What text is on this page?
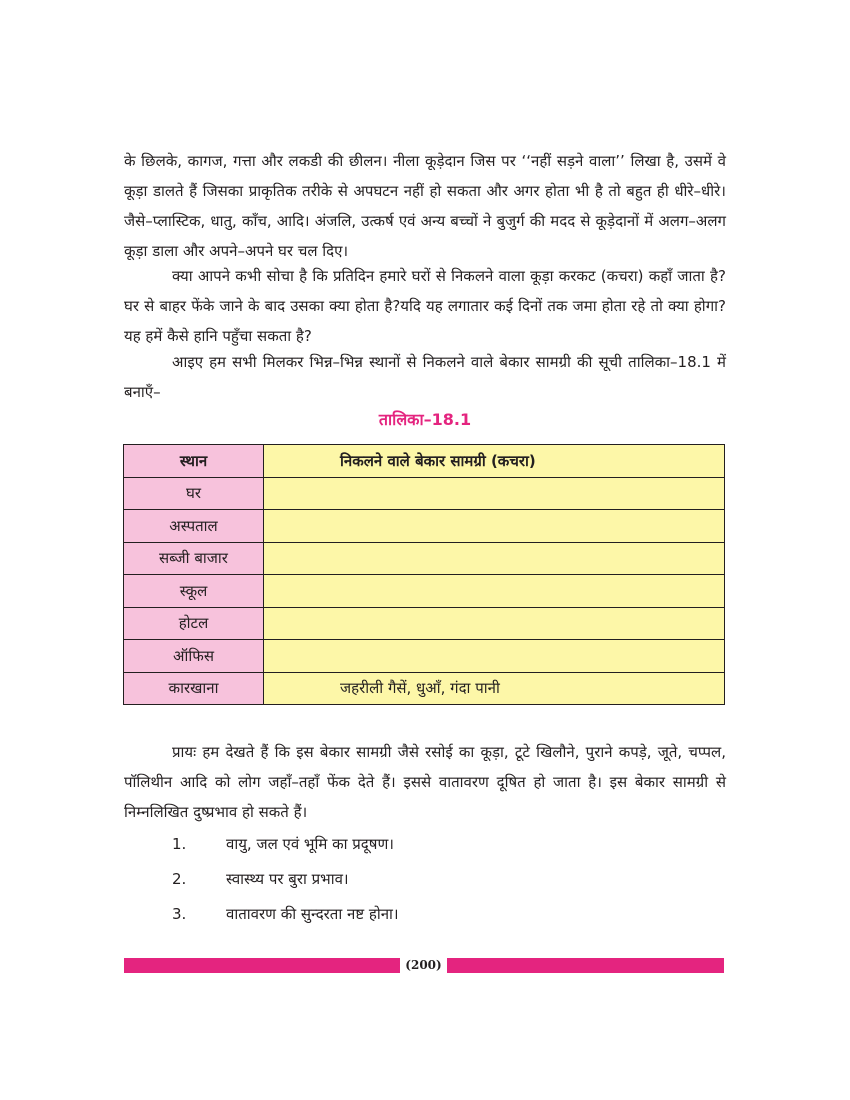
के छिलके, कागज, गत्ता और लकडी की छीलन। नीला कूड़ेदान जिस पर ‘‘नहीं सड़ने वाला’’ लिखा है, उसमें वे कूड़ा डालते हैं जिसका प्राकृतिक तरीके से अपघटन नहीं हो सकता और अगर होता भी है तो बहुत ही धीरे–धीरे। जैसे–प्लास्टिक, धातु, काँच, आदि। अंजलि, उत्कर्ष एवं अन्य बच्चों ने बुजुर्ग की मदद से कूड़ेदानों में अलग–अलग कूड़ा डाला और अपने–अपने घर चल दिए।

क्या आपने कभी सोचा है कि प्रतिदिन हमारे घरों से निकलने वाला कूड़ा करकट (कचरा) कहाँ जाता है?घर से बाहर फेंके जाने के बाद उसका क्या होता है?यदि यह लगातार कई दिनों तक जमा होता रहे तो क्या होगा?यह हमें कैसे हानि पहुँचा सकता है?

आइए हम सभी मिलकर भिन्न–भिन्न स्थानों से निकलने वाले बेकार सामग्री की सूची तालिका–18.1 में बनाएँ–

तालिका–18.1
स्थान	निकलने वाले बेकार सामग्री (कचरा)
घर	
अस्पताल	
सब्जी बाजार	
स्कूल	
होटल	
ऑफिस	
कारखाना	जहरीली गैसें, धुआँ, गंदा पानी

प्रायः हम देखते हैं कि इस बेकार सामग्री जैसे रसोई का कूड़ा, टूटे खिलौने, पुराने कपड़े, जूते, चप्पल, पॉलिथीन आदि को लोग जहाँ–तहाँ फेंक देते हैं। इससे वातावरण दूषित हो जाता है। इस बेकार सामग्री से निम्नलिखित दुष्प्रभाव हो सकते हैं।

1.	वायु, जल एवं भूमि का प्रदूषण।
2.	स्वास्थ्य पर बुरा प्रभाव।
3.	वातावरण की सुन्दरता नष्ट होना।
(200)
